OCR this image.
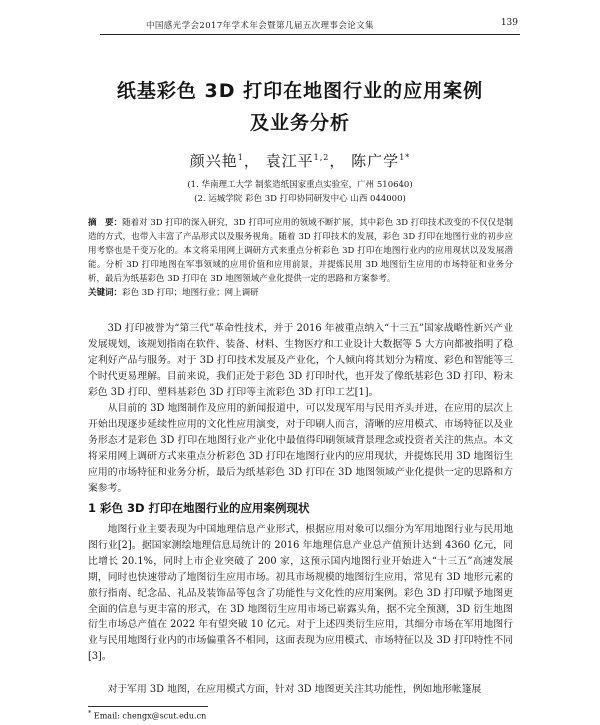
中国感光学会2017年学术年会暨第几届五次理事会论文集	139
纸基彩色 3D 打印在地图行业的应用案例
及业务分析
颜兴艳$^1$， 袁江平$^{1,2}$， 陈广学$^{1*}$
(1. 华南理工大学 制浆造纸国家重点实验室，广州 510640)
(2. 运城学院 彩色 3D 打印协同研发中心 山西 044000)

摘　要：随着对 3D 打印的深入研究，3D 打印可应用的领域不断扩展，其中彩色 3D 打印技术改变的不仅仅是制造的方式，也带入丰富了产品形式以及服务视角。随着 3D 打印技术的发展，彩色 3D 打印在地图行业的初步应用考察也是千变万化的。本文将采用网上调研方式来重点分析彩色 3D 打印在地图行业内的应用现状以及发展潜能。分析 3D 打印地图在军事领域的应用价值和应用前景，并提炼民用 3D 地图衍生应用的市场特征和业务分析，最后为纸基彩色 3D 打印在 3D 地图领域产业化提供一定的思路和方案参考。

关键词：彩色 3D 打印；地图行业；网上调研

3D 打印被誉为“第三代”革命性技术，并于 2016 年被重点纳入“十三五”国家战略性新兴产业发展规划，该规划指南在软件、装备、材料、生物医疗和工业设计大数据等 5 大方向都被指明了稳定利好产品与服务。对于 3D 打印技术发展及产业化，个人倾向将其划分为精度、彩色和智能等三个时代更易理解。目前来说，我们正处于彩色 3D 打印时代，也开发了像纸基彩色 3D 打印、粉末彩色 3D 打印、塑料基彩色 3D 打印等主流彩色 3D 打印工艺[1]。

从目前的 3D 地图制作及应用的新闻报道中，可以发现军用与民用齐头并进，在应用的层次上开始出现逐步延续性应用的文化性应用演变，对于印刷人而言，清晰的应用模式、市场特征以及业务形态才是彩色 3D 打印在地图行业产业化中最值得印刷领域背景理念或投资者关注的焦点。本文将采用网上调研方式来重点分析彩色 3D 打印在地图行业内的应用现状，并提炼民用 3D 地图衍生应用的市场特征和业务分析，最后为纸基彩色 3D 打印在 3D 地图领域产业化提供一定的思路和方案参考。

1 彩色 3D 打印在地图行业的应用案例现状

地图行业主要表现为中国地理信息产业形式，根据应用对象可以细分为军用地图行业与民用地图行业[2]。据国家测绘地理信息局统计的 2016 年地理信息产业总产值预计达到 4360 亿元，同比增长 20.1%，同时上市企业突破了 200 家，这预示国内地图行业开始进入“十三五”高速发展期，同时也快速带动了地图衍生应用市场。初具市场规模的地图衍生应用，常见有 3D 地形元素的旅行指南、纪念品、礼品及装饰品等包含了功能性与文化性的应用案例。彩色 3D 打印赋予地图更全面的信息与更丰富的形式，在 3D 地图衍生应用市场已崭露头角，据不完全预测，3D 衍生地图衍生市场总产值在 2022 年有望突破 10 亿元。对于上述四类衍生应用，其细分市场在军用地图行业与民用地图行业内的市场偏重各不相同，这面表现为应用模式、市场特征以及 3D 打印特性不同[3]。

对于军用 3D 地图，在应用模式方面，针对 3D 地图更关注其功能性，例如地形帐篷展

* Email: chengx@scut.edu.cn
